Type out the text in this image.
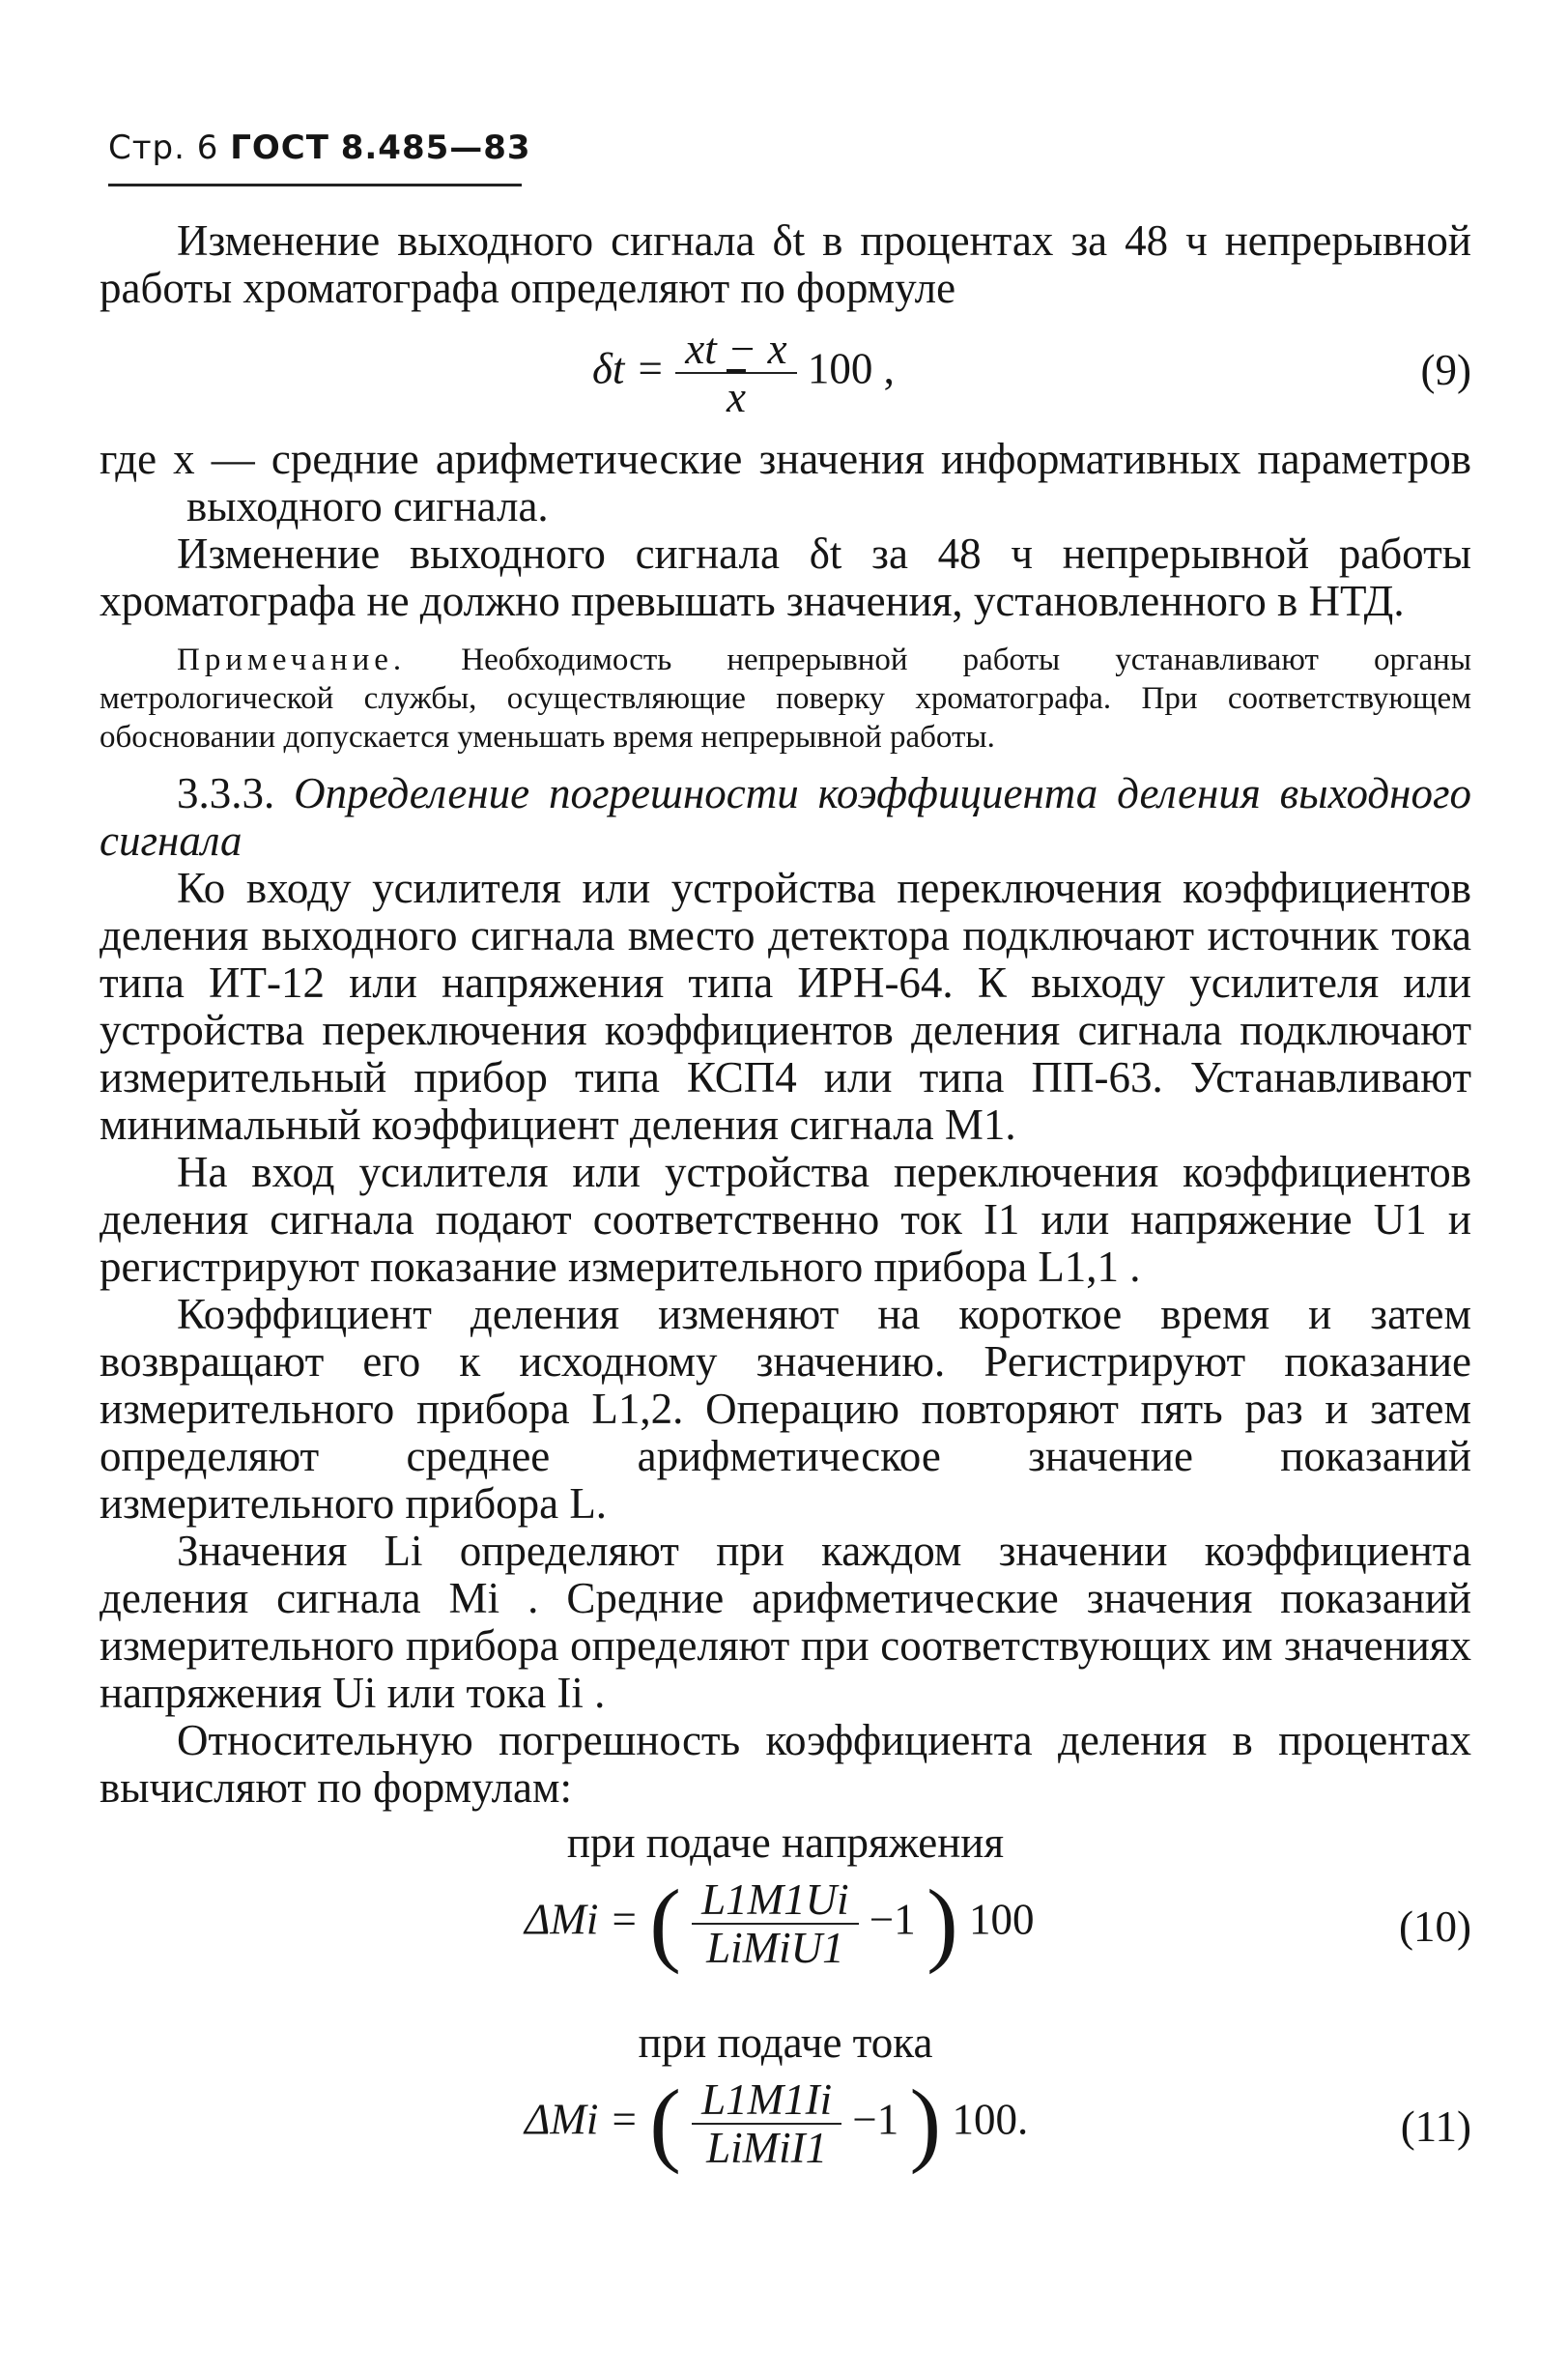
Стр. 6 ГОСТ 8.485—83

Изменение выходного сигнала δt в процентах за 48 ч непрерывной работы хроматографа определяют по формуле

$\delta t = \frac{xt - x}{x} 100$ ,	(9)

где x — средние арифметические значения информативных параметров выходного сигнала.

Изменение выходного сигнала δt за 48 ч непрерывной работы хроматографа не должно превышать значения, установленного в НТД.

Примечание. Необходимость непрерывной работы устанавливают органы метрологической службы, осуществляющие поверку хроматографа. При соответствующем обосновании допускается уменьшать время непрерывной работы.

3.3.3. Определение погрешности коэффициента деления выходного сигнала

Ко входу усилителя или устройства переключения коэффициентов деления выходного сигнала вместо детектора подключают источник тока типа ИТ-12 или напряжения типа ИРН-64. К выходу усилителя или устройства переключения коэффициентов деления сигнала подключают измерительный прибор типа КСП4 или типа ПП-63. Устанавливают минимальный коэффициент деления сигнала M1.

На вход усилителя или устройства переключения коэффициентов деления сигнала подают соответственно ток I1 или напряжение U1 и регистрируют показание измерительного прибора L1,1 .

Коэффициент деления изменяют на короткое время и затем возвращают его к исходному значению. Регистрируют показание измерительного прибора L1,2. Операцию повторяют пять раз и затем определяют среднее арифметическое значение показаний измерительного прибора L.

Значения Li определяют при каждом значении коэффициента деления сигнала Mi . Средние арифметические значения показаний измерительного прибора определяют при соответствующих им значениях напряжения Ui или тока Ii .

Относительную погрешность коэффициента деления в процентах вычисляют по формулам:

при подаче напряжения

ΔMi = ( $\frac{L1M1Ui}{\text{LiMiU1}} -1$ ) 100	(10)

при подаче тока

ΔMi = ( $\frac{L1M1Ii}{\text{LiMiI1}} -1$ ) 100.	(11)
